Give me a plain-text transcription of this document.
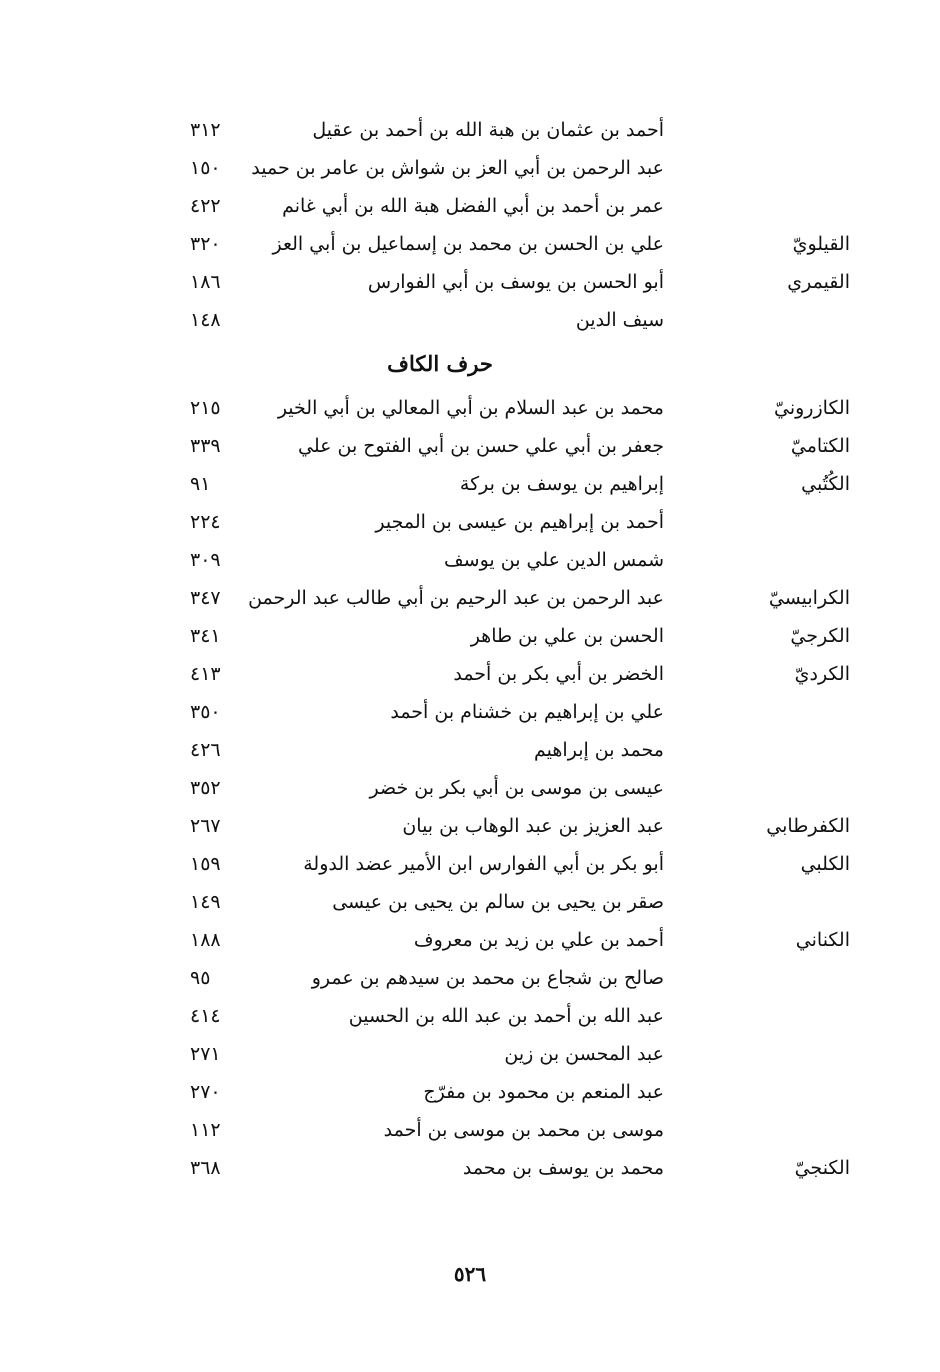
أحمد بن عثمان بن هبة الله بن أحمد بن عقيل
٣١٢
عبد الرحمن بن أبي العز بن شواش بن عامر بن حميد
١٥٠
عمر بن أحمد بن أبي الفضل هبة الله بن أبي غانم
٤٢٢
القيلويّ
علي بن الحسن بن محمد بن إسماعيل بن أبي العز
٣٢٠
القيمري
أبو الحسن بن يوسف بن أبي الفوارس
١٨٦
سيف الدين
١٤٨
حرف الكاف
الكازرونيّ
محمد بن عبد السلام بن أبي المعالي بن أبي الخير
٢١٥
الكتاميّ
جعفر بن أبي علي حسن بن أبي الفتوح بن علي
٣٣٩
الكُتُبي
إبراهيم بن يوسف بن بركة
٩١
أحمد بن إبراهيم بن عيسى بن المجير
٢٢٤
شمس الدين علي بن يوسف
٣٠٩
الكرابيسيّ
عبد الرحمن بن عبد الرحيم بن أبي طالب عبد الرحمن
٣٤٧
الكرجيّ
الحسن بن علي بن طاهر
٣٤١
الكرديّ
الخضر بن أبي بكر بن أحمد
٤١٣
علي بن إبراهيم بن خشنام بن أحمد
٣٥٠
محمد بن إبراهيم
٤٢٦
عيسى بن موسى بن أبي بكر بن خضر
٣٥٢
الكفرطابي
عبد العزيز بن عبد الوهاب بن بيان
٢٦٧
الكلبي
أبو بكر بن أبي الفوارس ابن الأمير عضد الدولة
١٥٩
صقر بن يحيى بن سالم بن يحيى بن عيسى
١٤٩
الكناني
أحمد بن علي بن زيد بن معروف
١٨٨
صالح بن شجاع بن محمد بن سيدهم بن عمرو
٩٥
عبد الله بن أحمد بن عبد الله بن الحسين
٤١٤
عبد المحسن بن زين
٢٧١
عبد المنعم بن محمود بن مفرّج
٢٧٠
موسى بن محمد بن موسى بن أحمد
١١٢
الكنجيّ
محمد بن يوسف بن محمد
٣٦٨
٥٢٦
